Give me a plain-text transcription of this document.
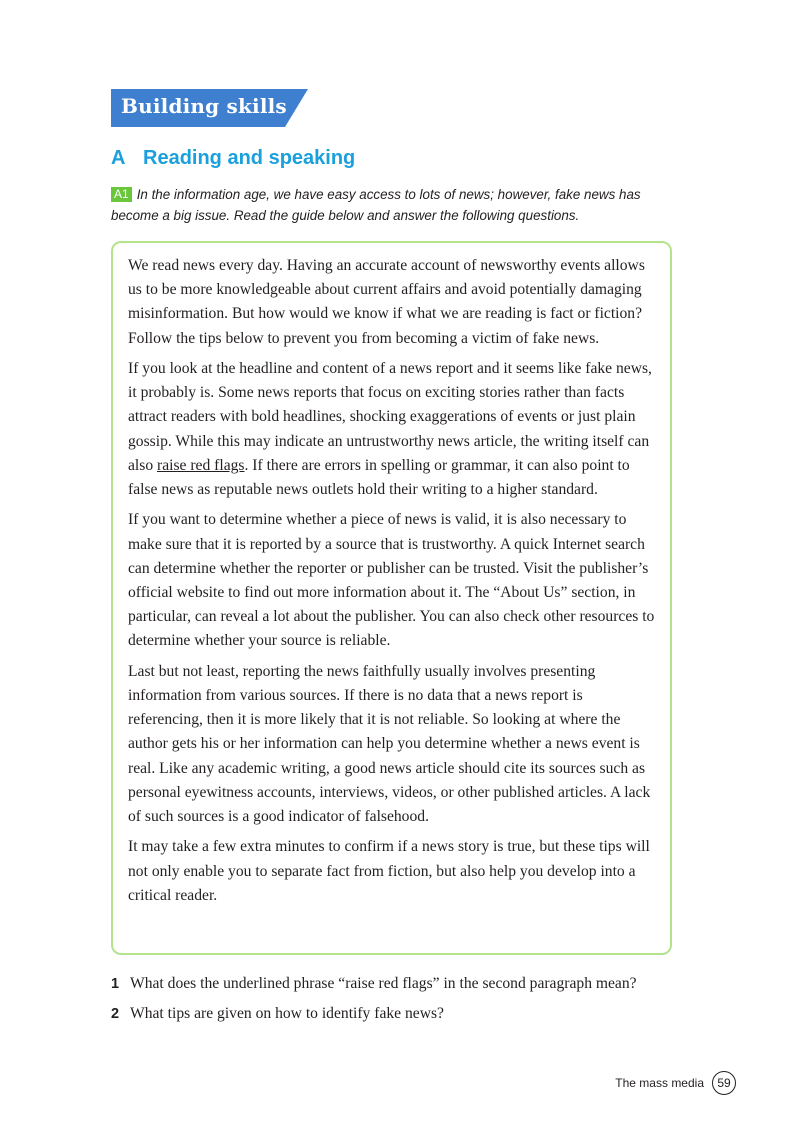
Building skills
A Reading and speaking
A1 In the information age, we have easy access to lots of news; however, fake news has become a big issue. Read the guide below and answer the following questions.

We read news every day. Having an accurate account of newsworthy events allows us to be more knowledgeable about current affairs and avoid potentially damaging misinformation. But how would we know if what we are reading is fact or fiction? Follow the tips below to prevent you from becoming a victim of fake news.

If you look at the headline and content of a news report and it seems like fake news, it probably is. Some news reports that focus on exciting stories rather than facts attract readers with bold headlines, shocking exaggerations of events or just plain gossip. While this may indicate an untrustworthy news article, the writing itself can also raise red flags. If there are errors in spelling or grammar, it can also point to false news as reputable news outlets hold their writing to a higher standard.

If you want to determine whether a piece of news is valid, it is also necessary to make sure that it is reported by a source that is trustworthy. A quick Internet search can determine whether the reporter or publisher can be trusted. Visit the publisher’s official website to find out more information about it. The “About Us” section, in particular, can reveal a lot about the publisher. You can also check other resources to determine whether your source is reliable.

Last but not least, reporting the news faithfully usually involves presenting information from various sources. If there is no data that a news report is referencing, then it is more likely that it is not reliable. So looking at where the author gets his or her information can help you determine whether a news event is real. Like any academic writing, a good news article should cite its sources such as personal eyewitness accounts, interviews, videos, or other published articles. A lack of such sources is a good indicator of falsehood.

It may take a few extra minutes to confirm if a news story is true, but these tips will not only enable you to separate fact from fiction, but also help you develop into a critical reader.

1 What does the underlined phrase “raise red flags” in the second paragraph mean?
2 What tips are given on how to identify fake news?
The mass media	59
